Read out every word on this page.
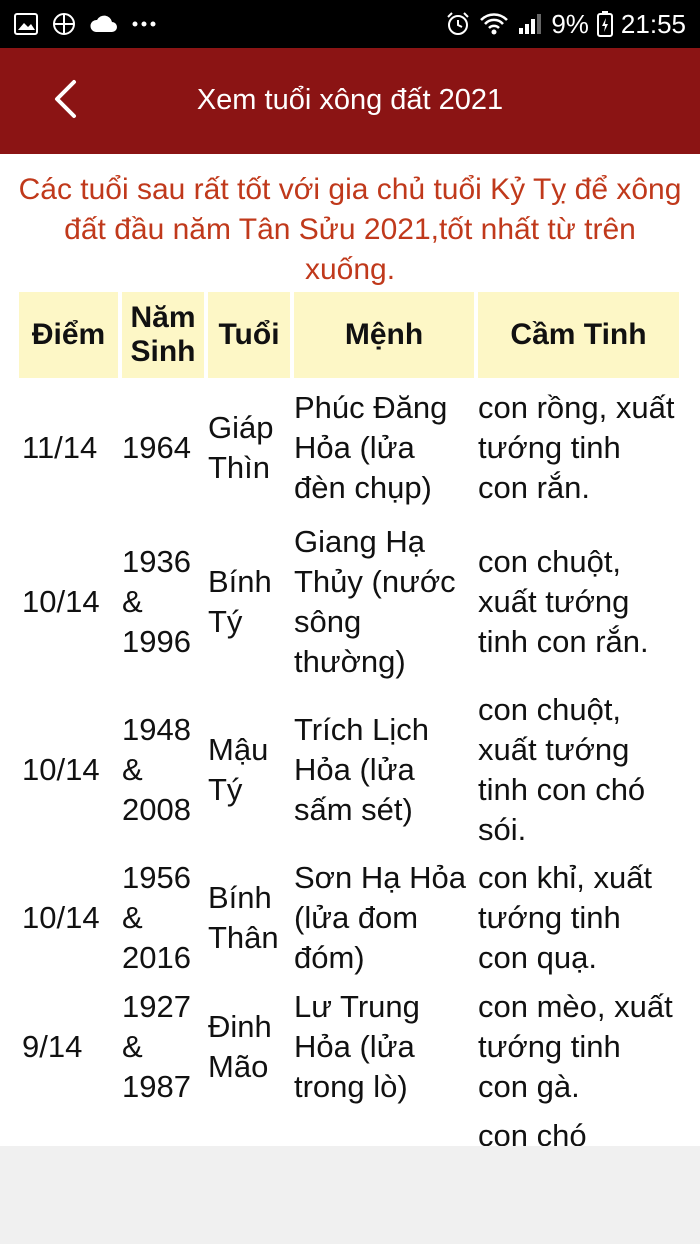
9% 21:55
Xem tuổi xông đất 2021
Các tuổi sau rất tốt với gia chủ tuổi Kỷ Tỵ để xông đất đầu năm Tân Sửu 2021,tốt nhất từ trên xuống.
Điểm	Năm Sinh	Tuổi	Mệnh	Cầm Tinh
11/14	1964	Giáp Thìn	Phúc Đăng Hỏa (lửa đèn chụp)	con rồng, xuất tướng tinh con rắn.
10/14	1936 & 1996	Bính Tý	Giang Hạ Thủy (nước sông thường)	con chuột, xuất tướng tinh con rắn.
10/14	1948 & 2008	Mậu Tý	Trích Lịch Hỏa (lửa sấm sét)	con chuột, xuất tướng tinh con chó sói.
10/14	1956 & 2016	Bính Thân	Sơn Hạ Hỏa (lửa đom đóm)	con khỉ, xuất tướng tinh con quạ.
9/14	1927 & 1987	Đinh Mão	Lư Trung Hỏa (lửa trong lò)	con mèo, xuất tướng tinh con gà.
				con chó
